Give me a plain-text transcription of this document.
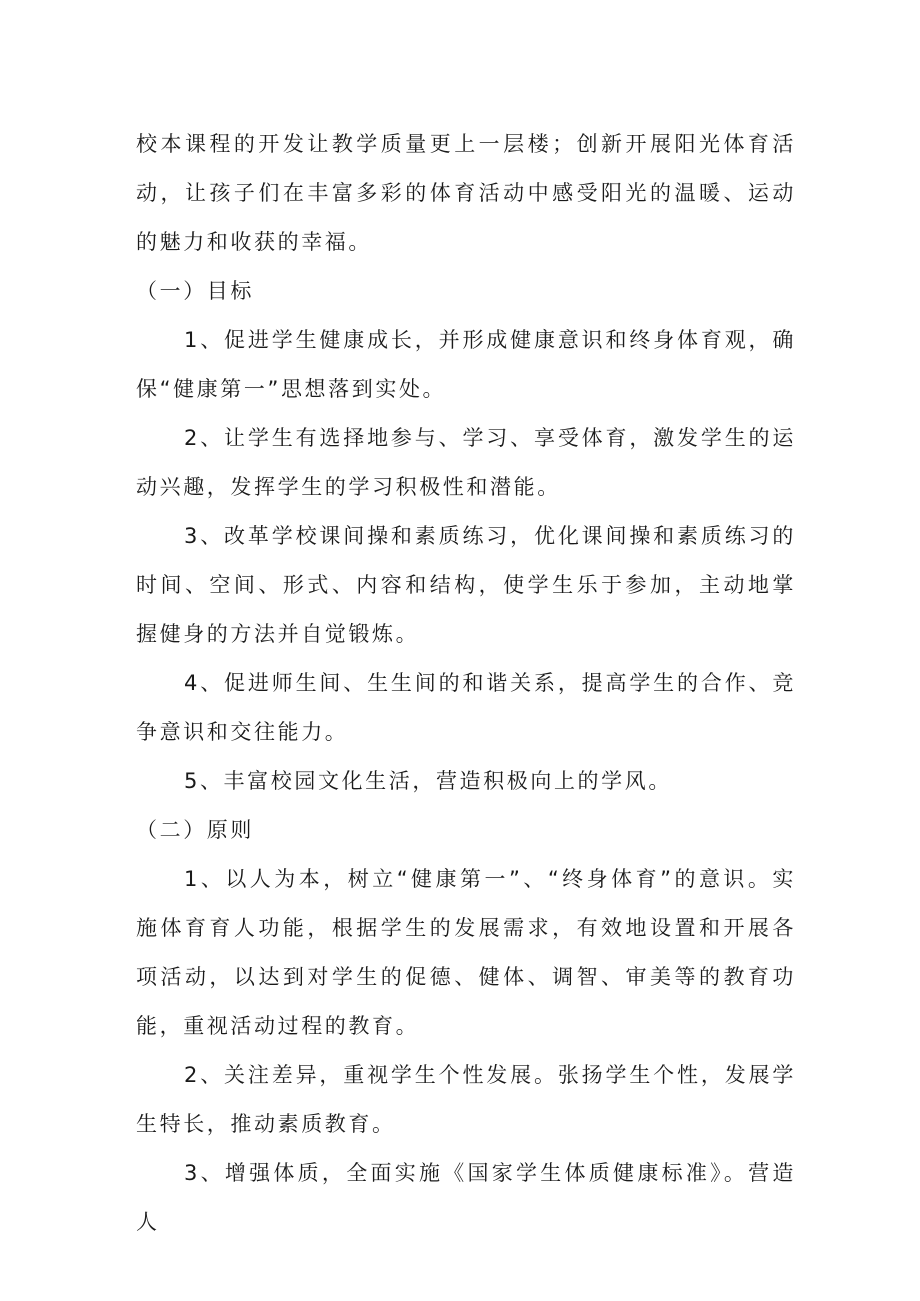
校本课程的开发让教学质量更上一层楼；创新开展阳光体育活动，让孩子们在丰富多彩的体育活动中感受阳光的温暖、运动的魅力和收获的幸福。

（一）目标

1、促进学生健康成长，并形成健康意识和终身体育观，确保“健康第一”思想落到实处。

2、让学生有选择地参与、学习、享受体育，激发学生的运动兴趣，发挥学生的学习积极性和潜能。

3、改革学校课间操和素质练习，优化课间操和素质练习的时间、空间、形式、内容和结构，使学生乐于参加，主动地掌握健身的方法并自觉锻炼。

4、促进师生间、生生间的和谐关系，提高学生的合作、竞争意识和交往能力。

5、丰富校园文化生活，营造积极向上的学风。

（二）原则

1、以人为本，树立“健康第一”、“终身体育”的意识。实施体育育人功能，根据学生的发展需求，有效地设置和开展各项活动，以达到对学生的促德、健体、调智、审美等的教育功能，重视活动过程的教育。

2、关注差异，重视学生个性发展。张扬学生个性，发展学生特长，推动素质教育。

3、增强体质，全面实施《国家学生体质健康标准》。营造人
